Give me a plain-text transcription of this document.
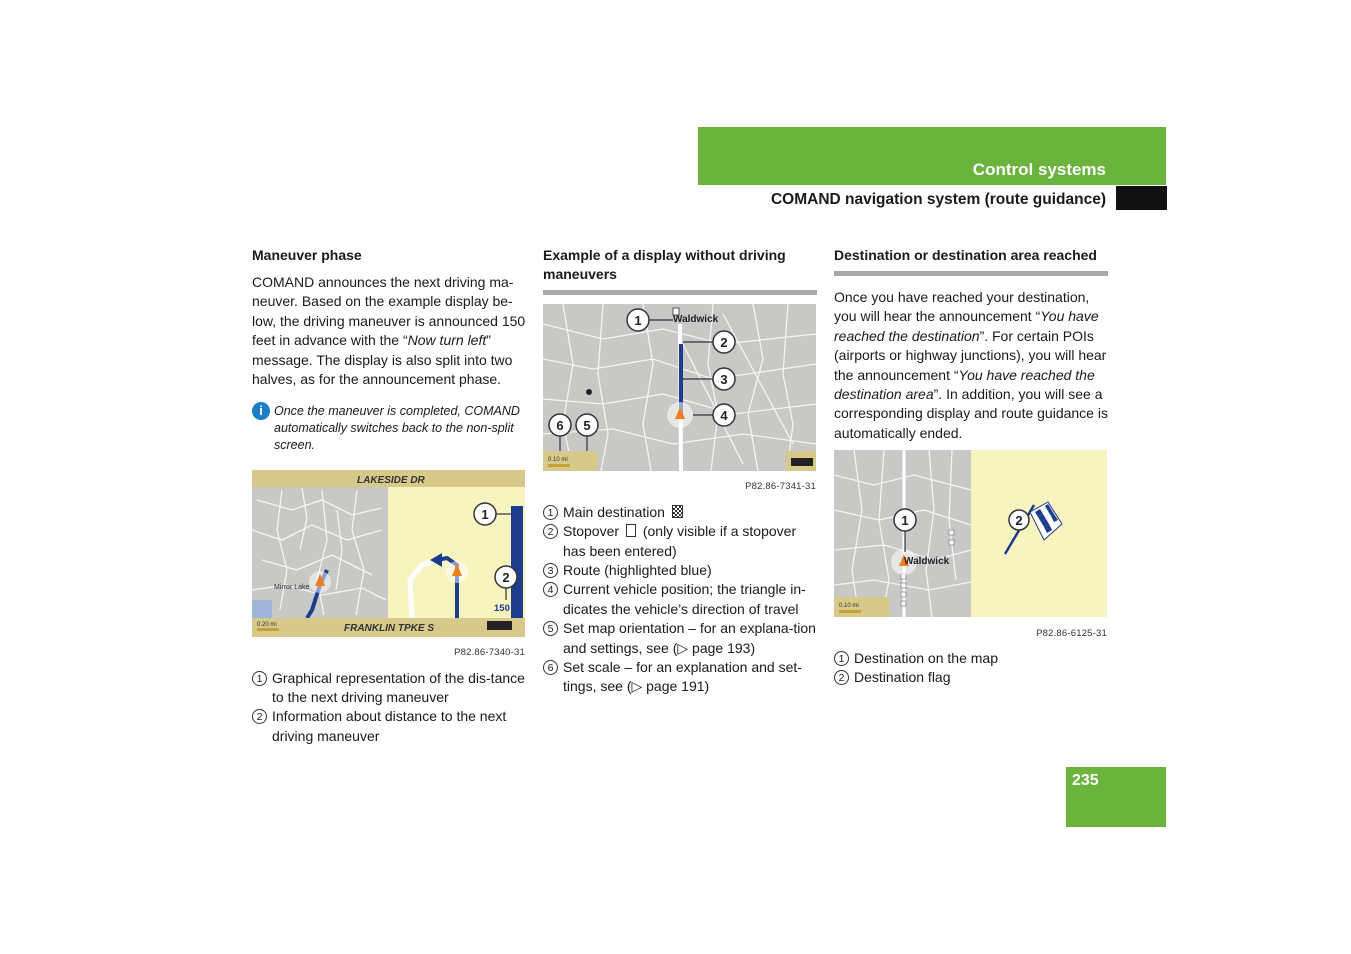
Control systems
COMAND navigation system (route guidance)
Maneuver phase

COMAND announces the next driving ma-neuver. Based on the example display be-low, the driving maneuver is announced 150 feet in advance with the “Now turn left” message. The display is also split into two halves, as for the announcement phase.

i Once the maneuver is completed, COMAND automatically switches back to the non-split screen.
LAKESIDE DR
FRANKLIN TPKE S
Mirror Lake
0.20 mi
150 ft
1
2
P82.86-7340-31
1 Graphical representation of the dis-tance to the next driving maneuver
2 Information about distance to the next driving maneuver
Example of a display without driving maneuvers
Waldwick
0.10 mi
1
2
3
4
5
6
P82.86-7341-31
1 Main destination
2 Stopover (only visible if a stopover has been entered)
3 Route (highlighted blue)
4 Current vehicle position; the triangle in-dicates the vehicle’s direction of travel
5 Set map orientation – for an explana-tion and settings, see (▷ page 193)
6 Set scale – for an explanation and set-tings, see (▷ page 191)
Destination or destination area reached

Once you have reached your destination, you will hear the announcement “You have reached the destination”. For certain POIs (airports or highway junctions), you will hear the announcement “You have reached the destination area”. In addition, you will see a corresponding display and route guidance is automatically ended.

Waldwick
0.10 mi
2
1
P82.86-6125-31
1 Destination on the map
2 Destination flag
235
